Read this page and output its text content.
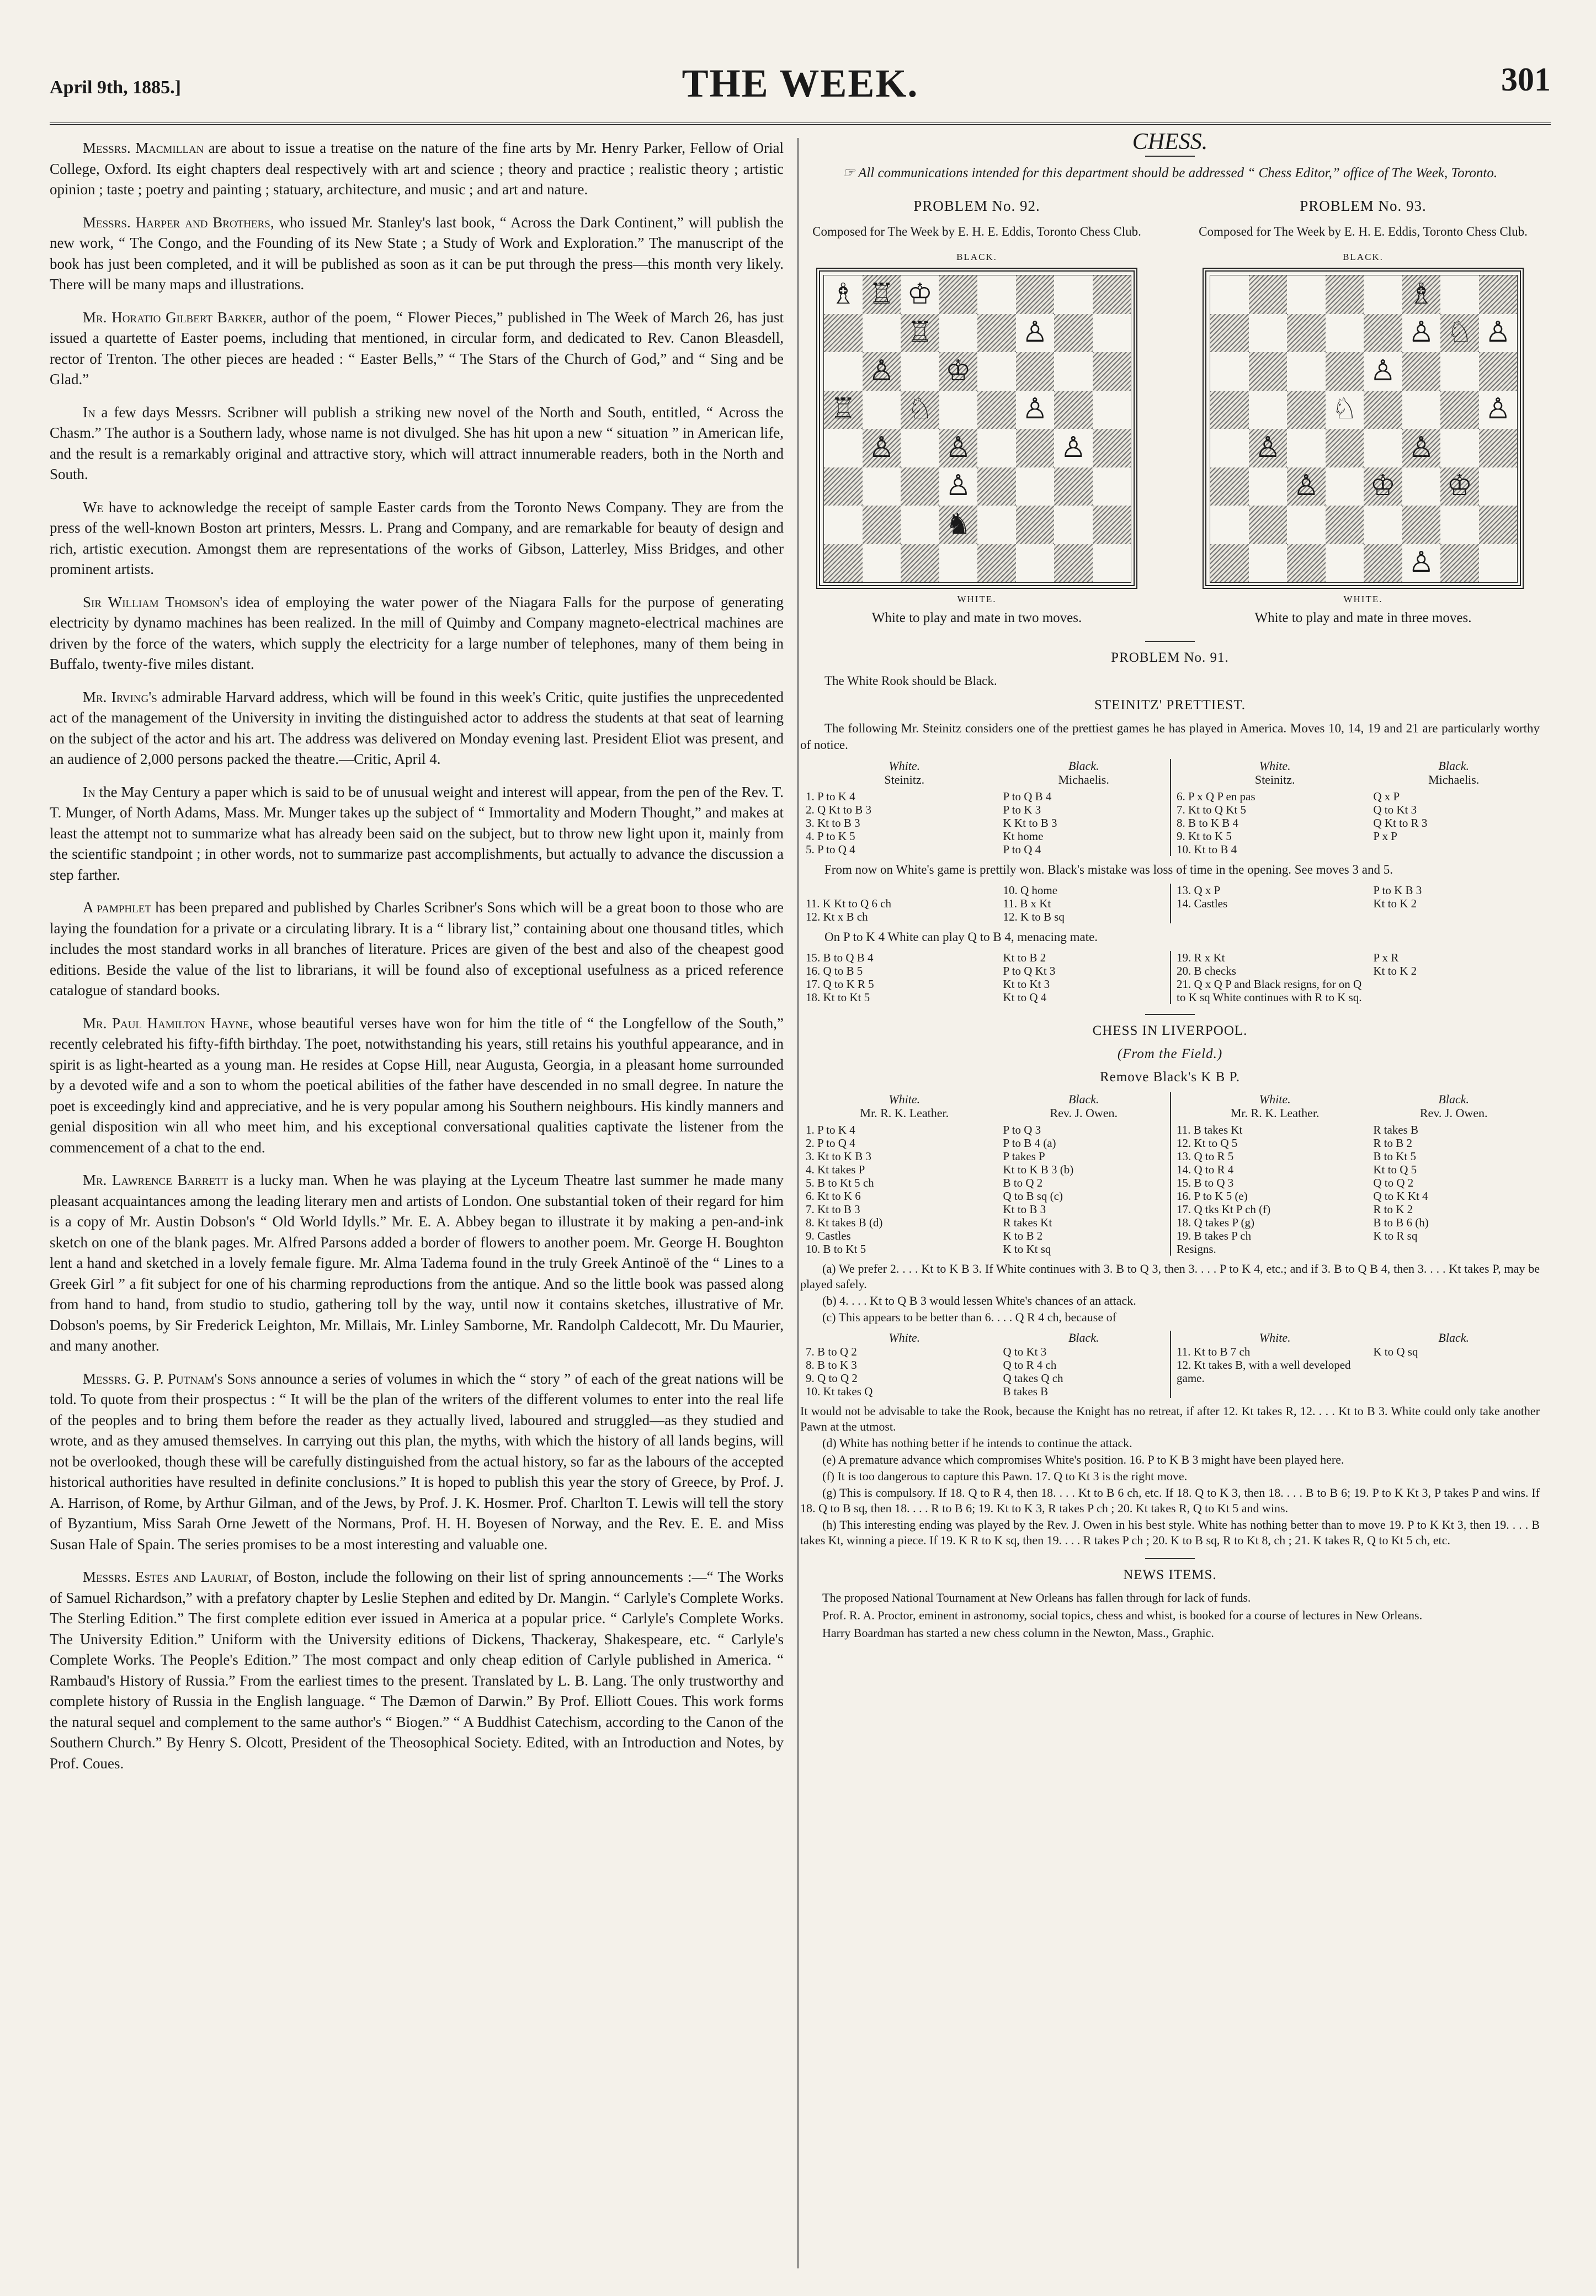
April 9th, 1885.]	THE WEEK.	301

Messrs. Macmillan are about to issue a treatise on the nature of the fine arts by Mr. Henry Parker, Fellow of Orial College, Oxford. Its eight chapters deal respectively with art and science ; theory and practice ; realistic theory ; artistic opinion ; taste ; poetry and painting ; statuary, architecture, and music ; and art and nature.

Messrs. Harper and Brothers, who issued Mr. Stanley's last book, “ Across the Dark Continent,” will publish the new work, “ The Congo, and the Founding of its New State ; a Study of Work and Exploration.” The manuscript of the book has just been completed, and it will be published as soon as it can be put through the press—this month very likely. There will be many maps and illustrations.

Mr. Horatio Gilbert Barker, author of the poem, “ Flower Pieces,” published in The Week of March 26, has just issued a quartette of Easter poems, including that mentioned, in circular form, and dedicated to Rev. Canon Bleasdell, rector of Trenton. The other pieces are headed : “ Easter Bells,” “ The Stars of the Church of God,” and “ Sing and be Glad.”

In a few days Messrs. Scribner will publish a striking new novel of the North and South, entitled, “ Across the Chasm.” The author is a Southern lady, whose name is not divulged. She has hit upon a new “ situation ” in American life, and the result is a remarkably original and attractive story, which will attract innumerable readers, both in the North and South.

We have to acknowledge the receipt of sample Easter cards from the Toronto News Company. They are from the press of the well-known Boston art printers, Messrs. L. Prang and Company, and are remarkable for beauty of design and rich, artistic execution. Amongst them are representations of the works of Gibson, Latterley, Miss Bridges, and other prominent artists.

Sir William Thomson's idea of employing the water power of the Niagara Falls for the purpose of generating electricity by dynamo machines has been realized. In the mill of Quimby and Company magneto-electrical machines are driven by the force of the waters, which supply the electricity for a large number of telephones, many of them being in Buffalo, twenty-five miles distant.

Mr. Irving's admirable Harvard address, which will be found in this week's Critic, quite justifies the unprecedented act of the management of the University in inviting the distinguished actor to address the students at that seat of learning on the subject of the actor and his art. The address was delivered on Monday evening last. President Eliot was present, and an audience of 2,000 persons packed the theatre.—Critic, April 4.

In the May Century a paper which is said to be of unusual weight and interest will appear, from the pen of the Rev. T. T. Munger, of North Adams, Mass. Mr. Munger takes up the subject of “ Immortality and Modern Thought,” and makes at least the attempt not to summarize what has already been said on the subject, but to throw new light upon it, mainly from the scientific standpoint ; in other words, not to summarize past accomplishments, but actually to advance the discussion a step farther.

A pamphlet has been prepared and published by Charles Scribner's Sons which will be a great boon to those who are laying the foundation for a private or a circulating library. It is a “ library list,” containing about one thousand titles, which includes the most standard works in all branches of literature. Prices are given of the best and also of the cheapest good editions. Beside the value of the list to librarians, it will be found also of exceptional usefulness as a priced reference catalogue of standard books.

Mr. Paul Hamilton Hayne, whose beautiful verses have won for him the title of “ the Longfellow of the South,” recently celebrated his fifty-fifth birthday. The poet, notwithstanding his years, still retains his youthful appearance, and in spirit is as light-hearted as a young man. He resides at Copse Hill, near Augusta, Georgia, in a pleasant home surrounded by a devoted wife and a son to whom the poetical abilities of the father have descended in no small degree. In nature the poet is exceedingly kind and appreciative, and he is very popular among his Southern neighbours. His kindly manners and genial disposition win all who meet him, and his exceptional conversational qualities captivate the listener from the commencement of a chat to the end.

Mr. Lawrence Barrett is a lucky man. When he was playing at the Lyceum Theatre last summer he made many pleasant acquaintances among the leading literary men and artists of London. One substantial token of their regard for him is a copy of Mr. Austin Dobson's “ Old World Idylls.” Mr. E. A. Abbey began to illustrate it by making a pen-and-ink sketch on one of the blank pages. Mr. Alfred Parsons added a border of flowers to another poem. Mr. George H. Boughton lent a hand and sketched in a lovely female figure. Mr. Alma Tadema found in the truly Greek Antinoë of the “ Lines to a Greek Girl ” a fit subject for one of his charming reproductions from the antique. And so the little book was passed along from hand to hand, from studio to studio, gathering toll by the way, until now it contains sketches, illustrative of Mr. Dobson's poems, by Sir Frederick Leighton, Mr. Millais, Mr. Linley Samborne, Mr. Randolph Caldecott, Mr. Du Maurier, and many another.

Messrs. G. P. Putnam's Sons announce a series of volumes in which the “ story ” of each of the great nations will be told. To quote from their prospectus : “ It will be the plan of the writers of the different volumes to enter into the real life of the peoples and to bring them before the reader as they actually lived, laboured and struggled—as they studied and wrote, and as they amused themselves. In carrying out this plan, the myths, with which the history of all lands begins, will not be overlooked, though these will be carefully distinguished from the actual history, so far as the labours of the accepted historical authorities have resulted in definite conclusions.” It is hoped to publish this year the story of Greece, by Prof. J. A. Harrison, of Rome, by Arthur Gilman, and of the Jews, by Prof. J. K. Hosmer. Prof. Charlton T. Lewis will tell the story of Byzantium, Miss Sarah Orne Jewett of the Normans, Prof. H. H. Boyesen of Norway, and the Rev. E. E. and Miss Susan Hale of Spain. The series promises to be a most interesting and valuable one.

Messrs. Estes and Lauriat, of Boston, include the following on their list of spring announcements :—“ The Works of Samuel Richardson,” with a prefatory chapter by Leslie Stephen and edited by Dr. Mangin. “ Carlyle's Complete Works. The Sterling Edition.” The first complete edition ever issued in America at a popular price. “ Carlyle's Complete Works. The University Edition.” Uniform with the University editions of Dickens, Thackeray, Shakespeare, etc. “ Carlyle's Complete Works. The People's Edition.” The most compact and only cheap edition of Carlyle published in America. “ Rambaud's History of Russia.” From the earliest times to the present. Translated by L. B. Lang. The only trustworthy and complete history of Russia in the English language. “ The Dæmon of Darwin.” By Prof. Elliott Coues. This work forms the natural sequel and complement to the same author's “ Biogen.” “ A Buddhist Catechism, according to the Canon of the Southern Church.” By Henry S. Olcott, President of the Theosophical Society. Edited, with an Introduction and Notes, by Prof. Coues.

CHESS.
☞ All communications intended for this department should be addressed “ Chess Editor,” office of The Week, Toronto.
PROBLEM No. 92.
Composed for The Week by E. H. E. Eddis, Toronto Chess Club.
BLACK.
♗ ♖ ♔
♖	♙
♙ ♔
♖ ♘	♙
♙ ♙	♙
♙
♞
WHITE.
White to play and mate in two moves.
PROBLEM No. 93.
Composed for The Week by E. H. E. Eddis, Toronto Chess Club.
BLACK.
♗
♙ ♘ ♙
♙
♘	♙
♙	♙
♙ ♔ ♔
♙
WHITE.
White to play and mate in three moves.
PROBLEM No. 91.

The White Rook should be Black.

STEINITZ' PRETTIEST.

The following Mr. Steinitz considers one of the prettiest games he has played in America. Moves 10, 14, 19 and 21 are particularly worthy of notice.

White.	Black.
Steinitz.	Michaelis.
1. P to K 4	P to Q B 4
2. Q Kt to B 3	P to K 3
3. Kt to B 3	K Kt to B 3
4. P to K 5	Kt home
5. P to Q 4	P to Q 4
White.	Black.
Steinitz.	Michaelis.
6. P x Q P en pas	Q x P
7. Kt to Q Kt 5	Q to Kt 3
8. B to K B 4	Q Kt to R 3
9. Kt to K 5	P x P
10. Kt to B 4	

From now on White's game is prettily won. Black's mistake was loss of time in the opening. See moves 3 and 5.

	10. Q home
11. K Kt to Q 6 ch	11. B x Kt
12. Kt x B ch	12. K to B sq
13. Q x P	P to K B 3
14. Castles	Kt to K 2

On P to K 4 White can play Q to B 4, menacing mate.

15. B to Q B 4	Kt to B 2
16. Q to B 5	P to Q Kt 3
17. Q to K R 5	Kt to Kt 3
18. Kt to Kt 5	Kt to Q 4
19. R x Kt	P x R
20. B checks	Kt to K 2
21. Q x Q P and Black resigns, for on Q to K sq White continues with R to K sq.	
CHESS IN LIVERPOOL.
(From the Field.)
Remove Black's K B P.
White.	Black.
Mr. R. K. Leather.	Rev. J. Owen.
1. P to K 4	P to Q 3
2. P to Q 4	P to B 4 (a)
3. Kt to K B 3	P takes P
4. Kt takes P	Kt to K B 3 (b)
5. B to Kt 5 ch	B to Q 2
6. Kt to K 6	Q to B sq (c)
7. Kt to B 3	Kt to B 3
8. Kt takes B (d)	R takes Kt
9. Castles	K to B 2
10. B to Kt 5	K to Kt sq
White.	Black.
Mr. R. K. Leather.	Rev. J. Owen.
11. B takes Kt	R takes B
12. Kt to Q 5	R to B 2
13. Q to R 5	B to Kt 5
14. Q to R 4	Kt to Q 5
15. B to Q 3	Q to Q 2
16. P to K 5 (e)	Q to K Kt 4
17. Q tks Kt P ch (f)	R to K 2
18. Q takes P (g)	B to B 6 (h)
19. B takes P ch	K to R sq
Resigns.	

(a) We prefer 2. . . . Kt to K B 3. If White continues with 3. B to Q 3, then 3. . . . P to K 4, etc.; and if 3. B to Q B 4, then 3. . . . Kt takes P, may be played safely.

(b) 4. . . . Kt to Q B 3 would lessen White's chances of an attack.

(c) This appears to be better than 6. . . . Q R 4 ch, because of

White.	Black.
7. B to Q 2	Q to Kt 3
8. B to K 3	Q to R 4 ch
9. Q to Q 2	Q takes Q ch
10. Kt takes Q	B takes B
White.	Black.
11. Kt to B 7 ch	K to Q sq
12. Kt takes B, with a well developed game.	

It would not be advisable to take the Rook, because the Knight has no retreat, if after 12. Kt takes R, 12. . . . Kt to B 3. White could only take another Pawn at the utmost.

(d) White has nothing better if he intends to continue the attack.

(e) A premature advance which compromises White's position. 16. P to K B 3 might have been played here.

(f) It is too dangerous to capture this Pawn. 17. Q to Kt 3 is the right move.

(g) This is compulsory. If 18. Q to R 4, then 18. . . . Kt to B 6 ch, etc. If 18. Q to K 3, then 18. . . . B to B 6; 19. P to K Kt 3, P takes P and wins. If 18. Q to B sq, then 18. . . . R to B 6; 19. Kt to K 3, R takes P ch ; 20. Kt takes R, Q to Kt 5 and wins.

(h) This interesting ending was played by the Rev. J. Owen in his best style. White has nothing better than to move 19. P to K Kt 3, then 19. . . . B takes Kt, winning a piece. If 19. K R to K sq, then 19. . . . R takes P ch ; 20. K to B sq, R to Kt 8, ch ; 21. K takes R, Q to Kt 5 ch, etc.

NEWS ITEMS.

The proposed National Tournament at New Orleans has fallen through for lack of funds.

Prof. R. A. Proctor, eminent in astronomy, social topics, chess and whist, is booked for a course of lectures in New Orleans.

Harry Boardman has started a new chess column in the Newton, Mass., Graphic.
